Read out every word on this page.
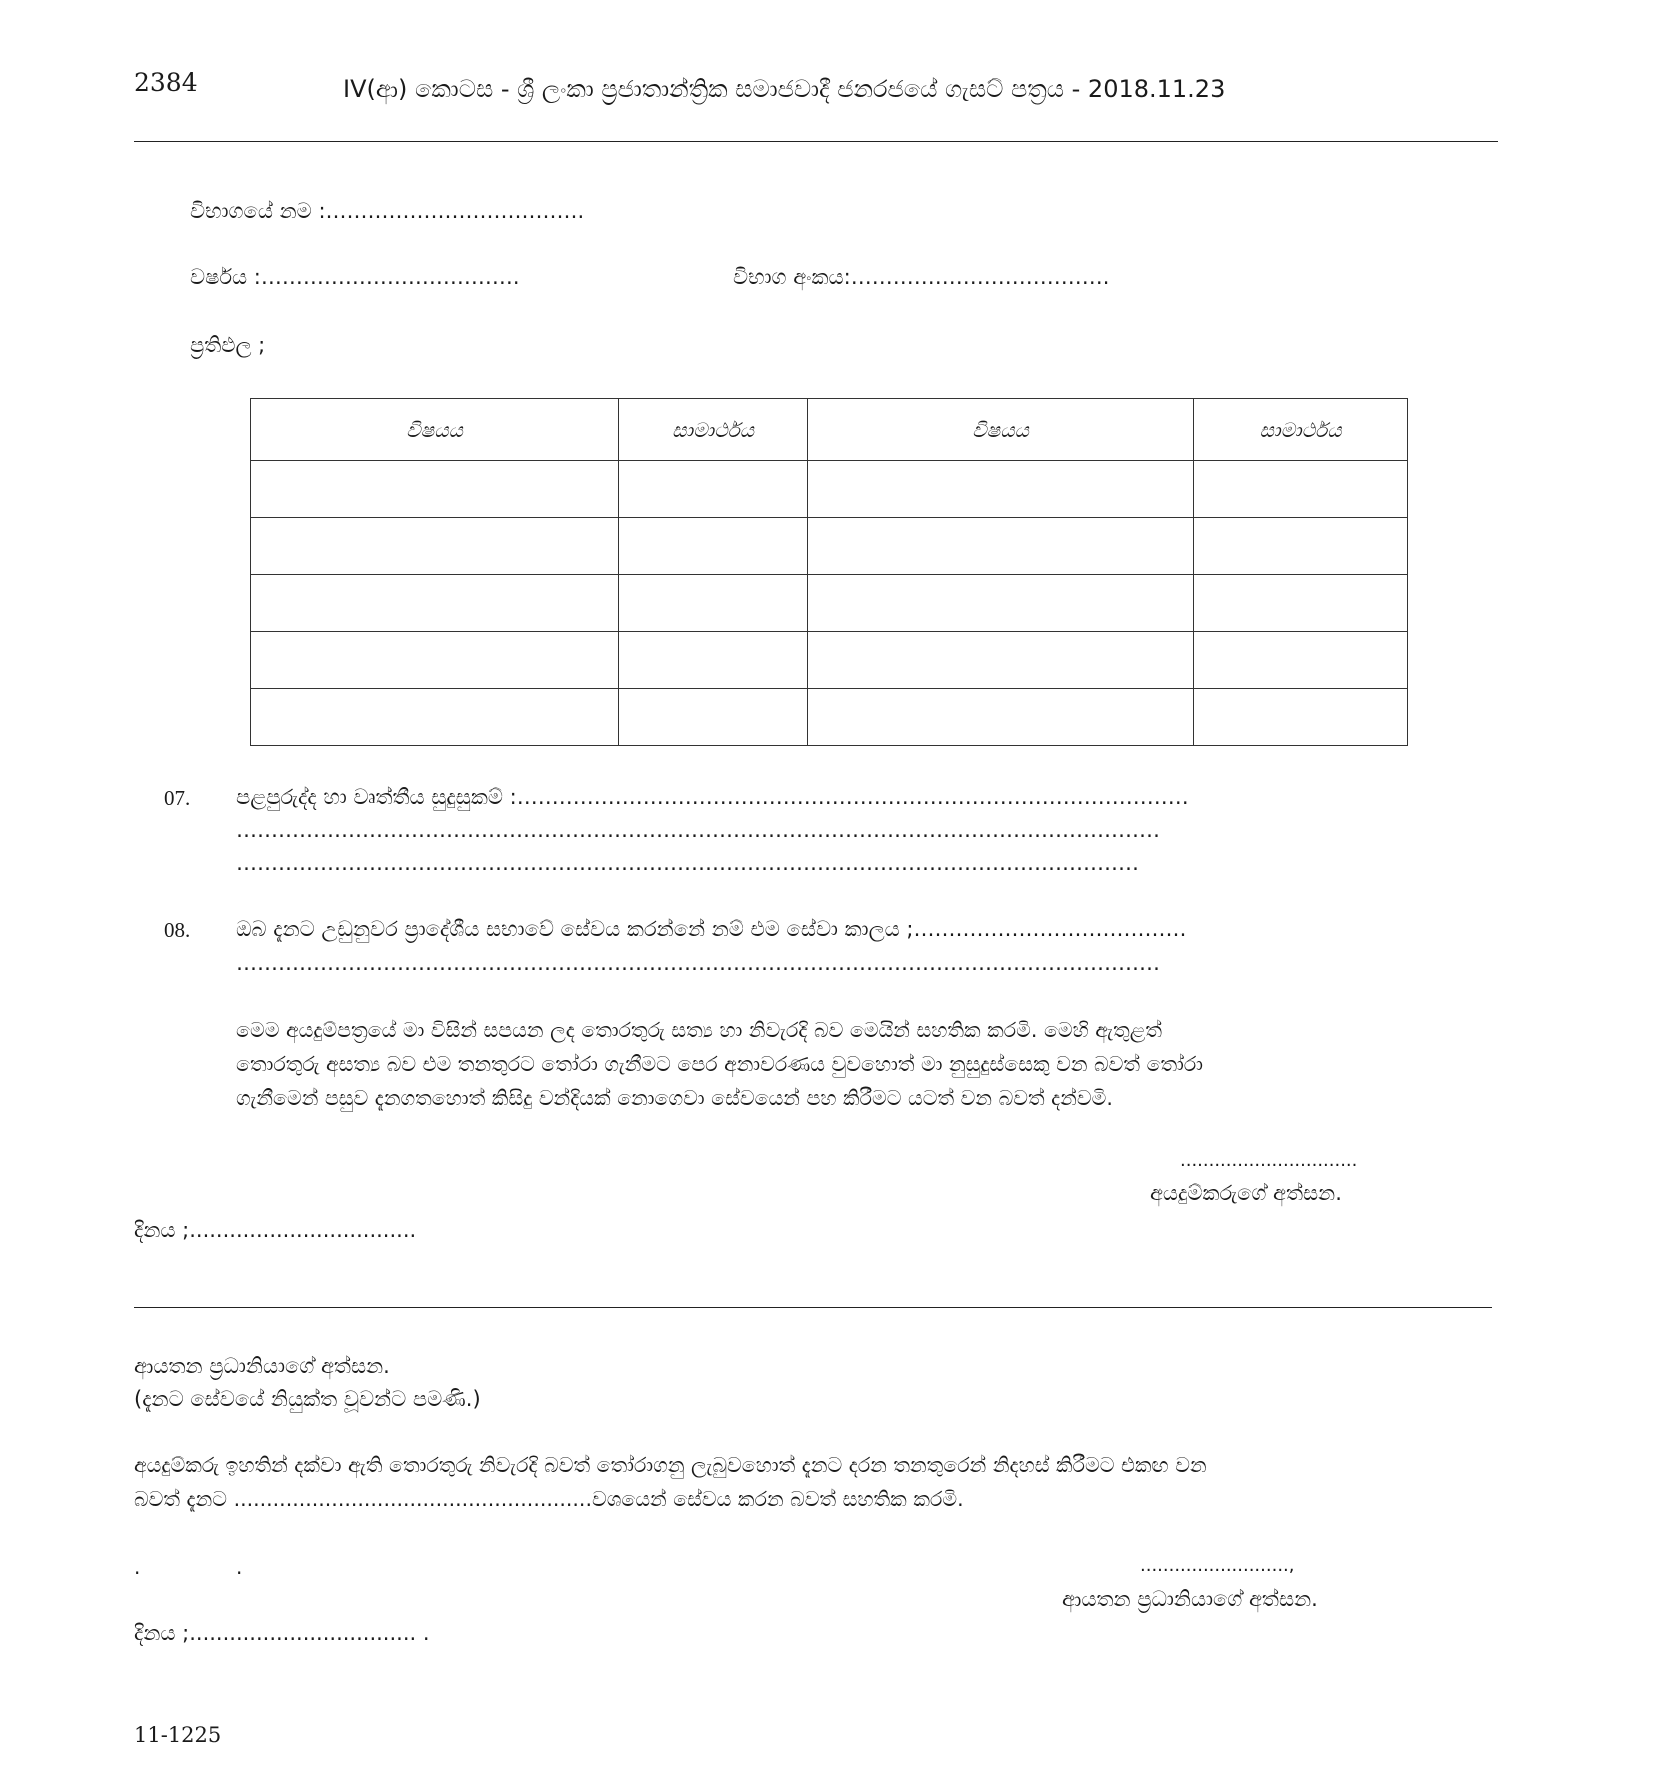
2384	IV(ආ) කොටස - ශ්‍රී ලංකා ප්‍රජාතාන්ත්‍රික සමාජවාදී ජනරජයේ ගැසට් පත්‍රය - 2018.11.23
විභාගයේ නම :……………………………….
වර්ෂය :……………………………….	විභාග අංකය:……………………………….
ප්‍රතිඵල ;
විෂයය	සාමාර්ථය	විෂයය	සාමාර්ථය

07. පළපුරුද්ද හා වෘත්තීය සුදුසුකම් :……………………………………………………………………………………
……………………………………………………………………………………………………………………
…………………………………………………………………………………………………………………
08. ඔබ දැනට උඩුනුවර ප්‍රාදේශීය සභාවේ සේවය කරන්නේ නම් එම සේවා කාලය ;…………………………………
……………………………………………………………………………………………………………………
මෙම අයදුම්පත්‍රයේ මා විසින් සපයන ලද තොරතුරු සත්‍ය හා නිවැරදි බව මෙයින් සහතික කරමි. මෙහි ඇතුළත්
තොරතුරු අසත්‍ය බව එම තනතුරට තෝරා ගැනීමට පෙර අනාවරණය වුවහොත් මා නුසුදුස්සෙකු වන බවත් තෝරා
ගැනීමෙන් පසුව දැනගතහොත් කිසිදු වන්දියක් නොගෙවා සේවයෙන් පහ කිරීමට යටත් වන බවත් දන්වමි.
...............................
අයදුම්කරුගේ අත්සන.
දිනය ;..................................
ආයතන ප්‍රධානියාගේ අත්සන.
(දැනට සේවයේ නියුක්ත වූවන්ට පමණි.)
අයදුම්කරු ඉහතින් දක්වා ඇති තොරතුරු නිවැරදි බවත් තෝරාගනු ලැබුවහොත් දැනට දරන තනතුරෙන් නිදහස් කිරීමට එකඟ වන
බවත් දැනට .......................................................වශයෙන් සේවය කරන බවත් සහතික කරමි.
.	.	..........................,
ආයතන ප්‍රධානියාගේ අත්සන.
දිනය ;.................................. .
11-1225
